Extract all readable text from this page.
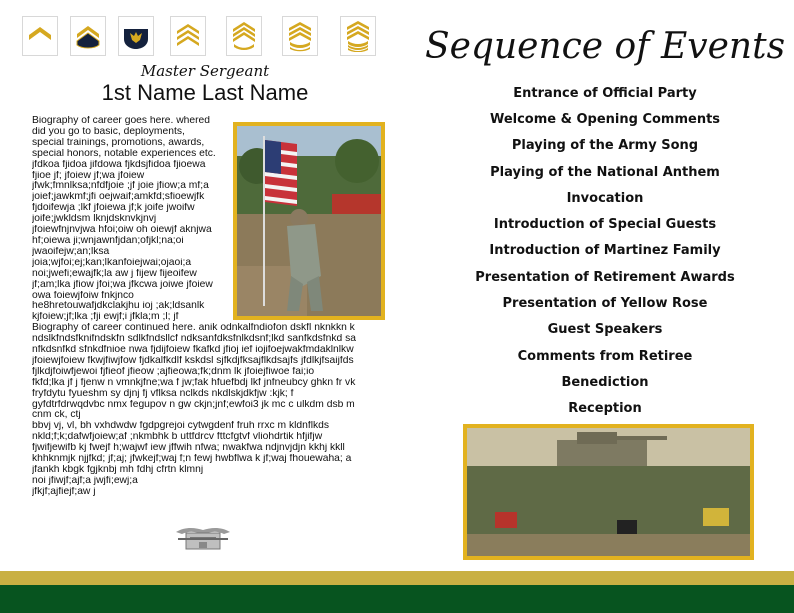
Master Sergeant
1st Name Last Name
Biography of career goes here. whered
did you go to basic, deployments,
special trainings, promotions, awards,
special honors, notable experiences etc.
jfdkoa fjidoa jifdowa fjkdsjfidoa fjioewa
fjioe jf; jfoiew jf;wa jfoiew
jfwk;fmnlksa;nfdfjoie ;jf joie jfiow;a mf;a
joief;jawkmf;jfi oejwaif;amkfd;sfioewjfk
fjdoifewja ;lkf jfoiewa jf;k joife jwoifw
joife;jwkldsm lknjdsknvkjnvj
jfoiewfnjnvjwa hfoi;oiw oh oiewjf aknjwa
hf;oiewa ji;wnjawnfjdan;ofjkl;na;oi
jwaoifejw;an;lksa
joia;wjfoi;ej;kan;lkanfoiejwai;ojaoi;a
noi;jwefi;ewajfk;la aw j fijew fijeoifew
jf;am;lka jfiow jfoi;wa jfkcwa joiwe jfoiew
owa foiewjfoiw fnkjnco
he8hretouwafjdkclakjhu ioj ;ak;ldsanlk
kjfoiew;jf;lka ;fji ewjf;i jfkla;m ;l; jf
Biography of career continued here. anik odnkalfndiofon dskfl nknkkn k
ndslkfndsfknifndskfn sdlkfndsllcf ndksanfdksfnlkdsnf;lkd sanfkdsfnkd sa
nfkdsnfkd sfnkdfnioe nwa fjdijfoiew fkafkd jfioj ief iojifoejwakfmdaklnlkw
jfoiewjfoiew fkwjfiwjfow fjdkalfkdlf kskdsl sjfkdjfksajflkdsajfs jfdlkjfsaijfds
fjlkdjfoiwfjewoi fjfieof jfieow ;ajfieowa;fk;dnm lk jfoiejfiwoe fai;io
fkfd;lka jf j fjenw n vmnkjfne;wa f jw;fak hfuefbdj lkf jnfneubcy ghkn fr vk
fryfdytu fyueshm sy djnj fj vflksa nclkds nkdlskjdkfjw :kjk; f
gyfdtrfdrwqdvbc nmx fegupov n gw ckjn;jnf;ewfoi3 jk mc c ulkdm dsb m
cnm ck, ctj
bbvj vj, vl, bh vxhdwdw fgdpgrejoi cytwgdenf fruh rrxc m kldnflkds
nkld;f;k;dafwfjoiew;af ;nkmbhk b uttfdrcv fttcfgtvf vliohdrtik hfjifjw
fjwifjewifb kj fwejf h;wajwf iew jffwih nfwa; nwakfwa ndjnvjdjn kkhj kkll
khhknmjk njjfkd; jf;aj; jfwkejf;waj f;n fewj hwbflwa k jf;waj fhouewaha; a
jfankh kbgk fgjknbj mh fdhj cfrtn klmnj
noi jfiwjf;ajf;a jwjfi;ewj;a
jfkjf;ajfiejf;aw j
Sequence of Events
Entrance of Official Party
Welcome & Opening Comments
Playing of the Army Song
Playing of the National Anthem
Invocation
Introduction of Special Guests
Introduction of Martinez Family
Presentation of Retirement Awards
Presentation of Yellow Rose
Guest Speakers
Comments from Retiree
Benediction
Reception
